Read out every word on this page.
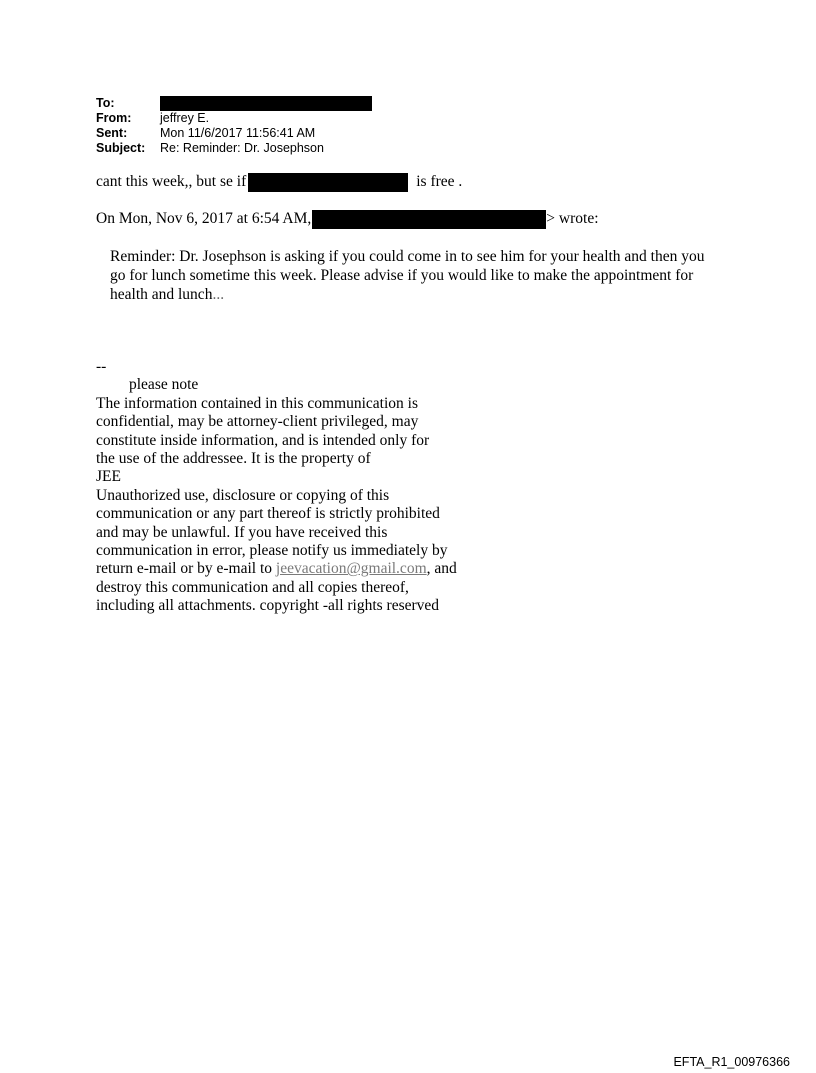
To:
From:	jeffrey E.
Sent:	Mon 11/6/2017 11:56:41 AM
Subject:	Re: Reminder: Dr. Josephson
cant this week,, but se if	is free .
On Mon, Nov 6, 2017 at 6:54 AM,	> wrote:

Reminder: Dr. Josephson is asking if you could come in to see him for your health and then you go for lunch sometime this week. Please advise if you would like to make the appointment for health and lunch...

--
please note
The information contained in this communication is
confidential, may be attorney-client privileged, may
constitute inside information, and is intended only for
the use of the addressee. It is the property of
JEE
Unauthorized use, disclosure or copying of this
communication or any part thereof is strictly prohibited
and may be unlawful. If you have received this
communication in error, please notify us immediately by
return e-mail or by e-mail to jeevacation@gmail.com, and
destroy this communication and all copies thereof,
including all attachments. copyright -all rights reserved
EFTA_R1_00976366
